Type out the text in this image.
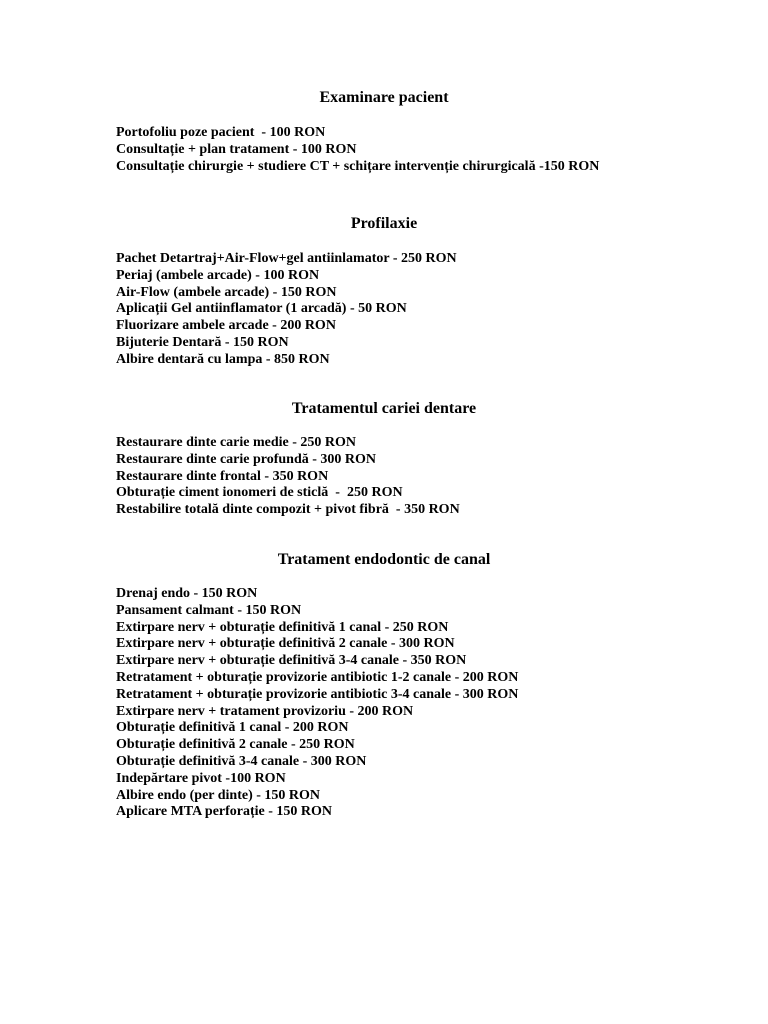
Examinare pacient
Portofoliu poze pacient  - 100 RON
Consultație + plan tratament - 100 RON
Consultație chirurgie + studiere CT + schițare intervenție chirurgicală -150 RON
Profilaxie
Pachet Detartraj+Air-Flow+gel antiinlamator - 250 RON
Periaj (ambele arcade) - 100 RON
Air-Flow (ambele arcade) - 150 RON
Aplicații Gel antiinflamator (1 arcadă) - 50 RON
Fluorizare ambele arcade - 200 RON
Bijuterie Dentară - 150 RON
Albire dentară cu lampa - 850 RON
Tratamentul cariei dentare
Restaurare dinte carie medie - 250 RON
Restaurare dinte carie profundă - 300 RON
Restaurare dinte frontal - 350 RON
Obturație ciment ionomeri de sticlă  -  250 RON
Restabilire totală dinte compozit + pivot fibră  - 350 RON
Tratament endodontic de canal
Drenaj endo - 150 RON
Pansament calmant - 150 RON
Extirpare nerv + obturație definitivă 1 canal - 250 RON
Extirpare nerv + obturație definitivă 2 canale - 300 RON
Extirpare nerv + obturație definitivă 3-4 canale - 350 RON
Retratament + obturație provizorie antibiotic 1-2 canale - 200 RON
Retratament + obturație provizorie antibiotic 3-4 canale - 300 RON
Extirpare nerv + tratament provizoriu - 200 RON
Obturație definitivă 1 canal - 200 RON
Obturație definitivă 2 canale - 250 RON
Obturație definitivă 3-4 canale - 300 RON
Indepărtare pivot -100 RON
Albire endo (per dinte) - 150 RON
Aplicare MTA perforație - 150 RON
